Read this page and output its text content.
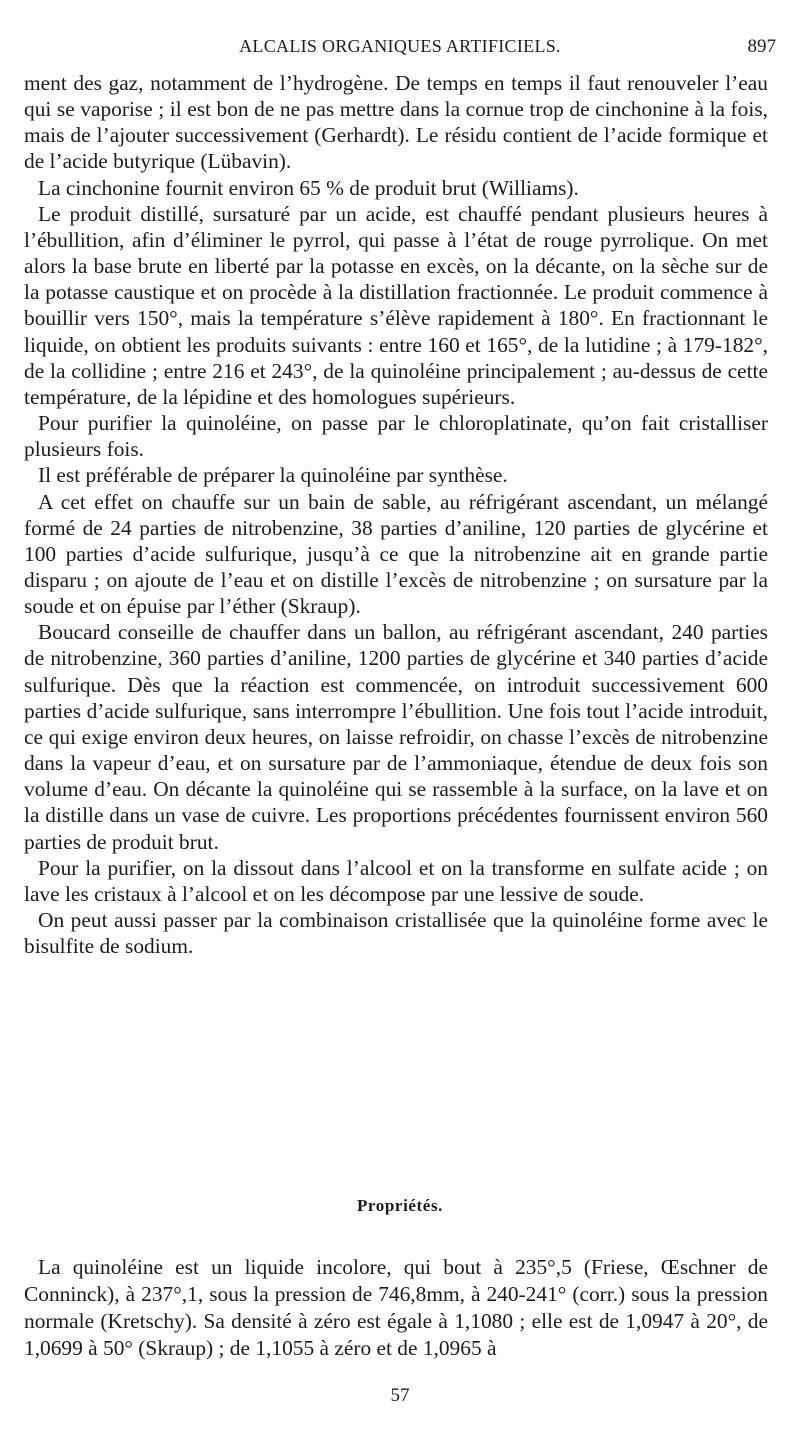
ALCALIS ORGANIQUES ARTIFICIELS.	897

ment des gaz, notamment de l’hydrogène. De temps en temps il faut renouveler l’eau qui se vaporise ; il est bon de ne pas mettre dans la cornue trop de cinchonine à la fois, mais de l’ajouter successivement (Gerhardt). Le résidu contient de l’acide formique et de l’acide butyrique (Lübavin).

La cinchonine fournit environ 65 % de produit brut (Williams).

Le produit distillé, sursaturé par un acide, est chauffé pendant plusieurs heures à l’ébullition, afin d’éliminer le pyrrol, qui passe à l’état de rouge pyrrolique. On met alors la base brute en liberté par la potasse en excès, on la décante, on la sèche sur de la potasse caustique et on procède à la distillation fractionnée. Le produit commence à bouillir vers 150°, mais la température s’élève rapidement à 180°. En fractionnant le liquide, on obtient les produits suivants : entre 160 et 165°, de la lutidine ; à 179-182°, de la collidine ; entre 216 et 243°, de la quinoléine principalement ; au-dessus de cette température, de la lépidine et des homologues supérieurs.

Pour purifier la quinoléine, on passe par le chloroplatinate, qu’on fait cristalliser plusieurs fois.

Il est préférable de préparer la quinoléine par synthèse.

A cet effet on chauffe sur un bain de sable, au réfrigérant ascendant, un mélangé formé de 24 parties de nitrobenzine, 38 parties d’aniline, 120 parties de glycérine et 100 parties d’acide sulfurique, jusqu’à ce que la nitrobenzine ait en grande partie disparu ; on ajoute de l’eau et on distille l’excès de nitrobenzine ; on sursature par la soude et on épuise par l’éther (Skraup).

Boucard conseille de chauffer dans un ballon, au réfrigérant ascendant, 240 parties de nitrobenzine, 360 parties d’aniline, 1200 parties de glycérine et 340 parties d’acide sulfurique. Dès que la réaction est commencée, on introduit successivement 600 parties d’acide sulfurique, sans interrompre l’ébullition. Une fois tout l’acide introduit, ce qui exige environ deux heures, on laisse refroidir, on chasse l’excès de nitrobenzine dans la vapeur d’eau, et on sursature par de l’ammoniaque, étendue de deux fois son volume d’eau. On décante la quinoléine qui se rassemble à la surface, on la lave et on la distille dans un vase de cuivre. Les proportions précédentes fournissent environ 560 parties de produit brut.

Pour la purifier, on la dissout dans l’alcool et on la transforme en sulfate acide ; on lave les cristaux à l’alcool et on les décompose par une lessive de soude.

On peut aussi passer par la combinaison cristallisée que la quinoléine forme avec le bisulfite de sodium.

Propriétés.

La quinoléine est un liquide incolore, qui bout à 235°,5 (Friese, Œschner de Conninck), à 237°,1, sous la pression de 746,8mm, à 240-241° (corr.) sous la pression normale (Kretschy). Sa densité à zéro est égale à 1,1080 ; elle est de 1,0947 à 20°, de 1,0699 à 50° (Skraup) ; de 1,1055 à zéro et de 1,0965 à

57
